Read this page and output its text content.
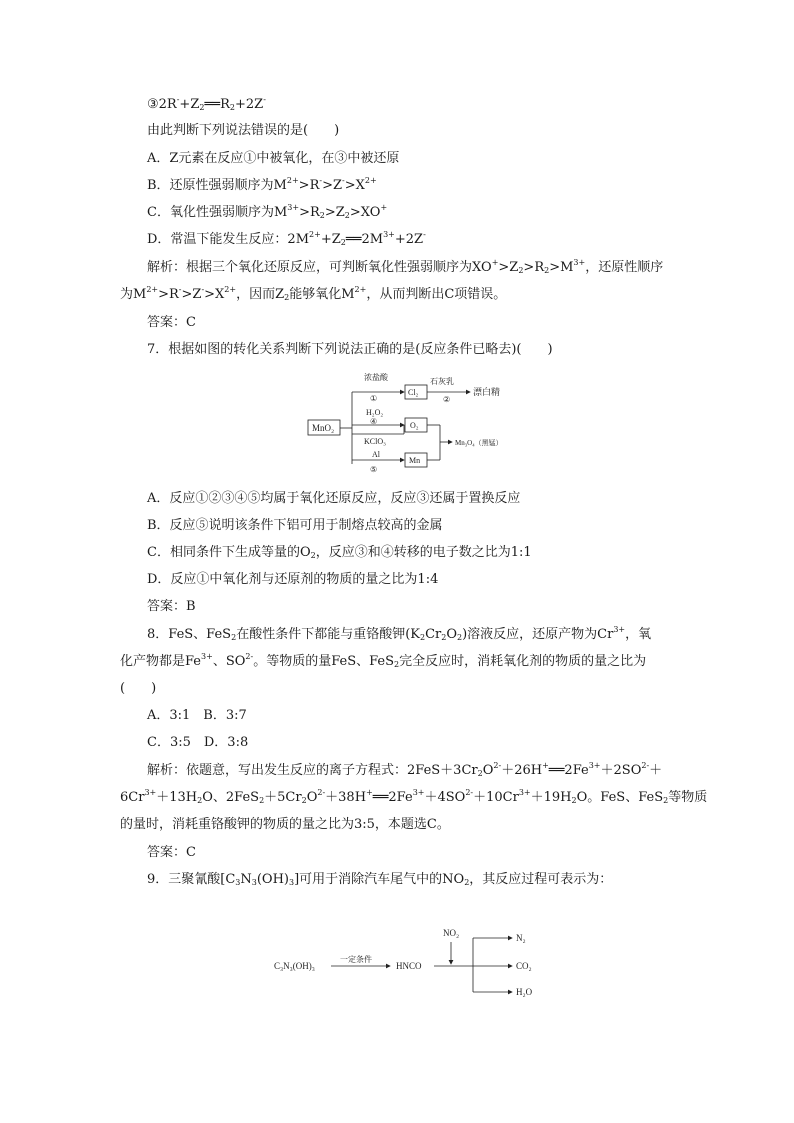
$③2R^-+Z_2══R_2+2Z^-$
由此判断下列说法错误的是(　　)
A．Z元素在反应①中被氧化，在③中被还原
B．还原性强弱顺序为$M^{2+}>R^->Z^->X^{2+}$
C．氧化性强弱顺序为$M^{3+}>R_2>Z_2>XO^+$
D．常温下能发生反应：$2M^{2+}+Z_2══2M^{3+}+2Z^-$
解析：根据三个氧化还原反应，可判断氧化性强弱顺序为$XO^+>Z_2>R_2>M^{3+}$，还原性顺序
为$M^{2+}>R^->Z^->X^{2+}$，因而$Z_2$能够氧化$M^{2+}$，从而判断出C项错误。
答案：C
7．根据如图的转化关系判断下列说法正确的是(反应条件已略去)(　　)
MnO₂
浓盐酸
①
H₂O₂
KClO₃
④
Al
⑤
Cl₂
石灰乳
②
漂白精
O₂
Mn
Mn₃O₄（黑锰）
A．反应①②③④⑤均属于氧化还原反应，反应③还属于置换反应
B．反应⑤说明该条件下铝可用于制熔点较高的金属
C．相同条件下生成等量的$O_2$，反应③和④转移的电子数之比为1:1
D．反应①中氧化剂与还原剂的物质的量之比为1:4
答案：B
8．FeS、FeS$_2$在酸性条件下都能与重铬酸钾$(K_2Cr_2O_2)$溶液反应，还原产物为$Cr^{3+}$，氧
化产物都是$Fe^{3+}$、$SO^{2-}$。等物质的量FeS、FeS$_2$完全反应时，消耗氧化剂的物质的量之比为
(　　)
A．3:1　B．3:7
C．3:5　D．3:8
解析：依题意，写出发生反应的离子方程式：$2FeS+3Cr_2O^{2-}+26H^+══2Fe^{3+}+2SO^{2-}+$
$6Cr^{3+}+13H_2O$、$2FeS_2+5Cr_2O^{2-}+38H^+══2Fe^{3+}+4SO^{2-}+10Cr^{3+}+19H_2O$。FeS、FeS$_2$等物质
的量时，消耗重铬酸钾的物质的量之比为3:5，本题选C。
答案：C
9．三聚氰酸$[C_3N_3(OH)_3]$可用于消除汽车尾气中的$NO_2$，其反应过程可表示为：
C₃N₃(OH)₃
一定条件
HNCO
NO₂	N₂
CO₂
H₂O
